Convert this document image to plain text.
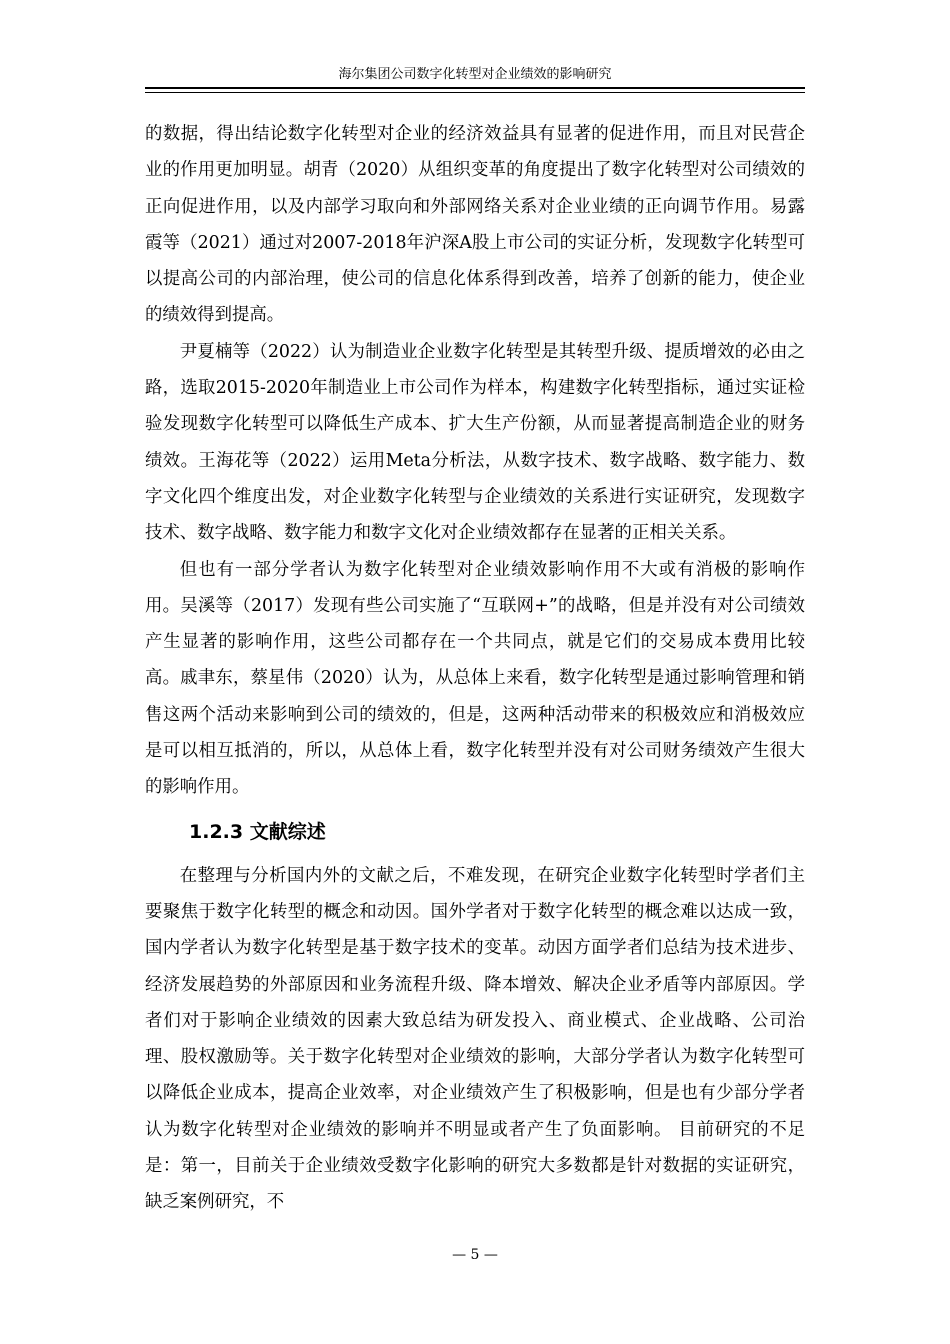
海尔集团公司数字化转型对企业绩效的影响研究

的数据，得出结论数字化转型对企业的经济效益具有显著的促进作用，而且对民营企业的作用更加明显。胡青（2020）从组织变革的角度提出了数字化转型对公司绩效的正向促进作用，以及内部学习取向和外部网络关系对企业业绩的正向调节作用。易露霞等（2021）通过对2007-2018年沪深A股上市公司的实证分析，发现数字化转型可以提高公司的内部治理，使公司的信息化体系得到改善，培养了创新的能力，使企业的绩效得到提高。

尹夏楠等（2022）认为制造业企业数字化转型是其转型升级、提质增效的必由之路，选取2015-2020年制造业上市公司作为样本，构建数字化转型指标，通过实证检验发现数字化转型可以降低生产成本、扩大生产份额，从而显著提高制造企业的财务绩效。王海花等（2022）运用Meta分析法，从数字技术、数字战略、数字能力、数字文化四个维度出发，对企业数字化转型与企业绩效的关系进行实证研究，发现数字技术、数字战略、数字能力和数字文化对企业绩效都存在显著的正相关关系。

但也有一部分学者认为数字化转型对企业绩效影响作用不大或有消极的影响作用。吴溪等（2017）发现有些公司实施了“互联网+”的战略，但是并没有对公司绩效产生显著的影响作用，这些公司都存在一个共同点，就是它们的交易成本费用比较高。戚聿东，蔡星伟（2020）认为，从总体上来看，数字化转型是通过影响管理和销售这两个活动来影响到公司的绩效的，但是，这两种活动带来的积极效应和消极效应是可以相互抵消的，所以，从总体上看，数字化转型并没有对公司财务绩效产生很大的影响作用。

1.2.3 文献综述

在整理与分析国内外的文献之后，不难发现，在研究企业数字化转型时学者们主要聚焦于数字化转型的概念和动因。国外学者对于数字化转型的概念难以达成一致，国内学者认为数字化转型是基于数字技术的变革。动因方面学者们总结为技术进步、经济发展趋势的外部原因和业务流程升级、降本增效、解决企业矛盾等内部原因。学者们对于影响企业绩效的因素大致总结为研发投入、商业模式、企业战略、公司治理、股权激励等。关于数字化转型对企业绩效的影响，大部分学者认为数字化转型可以降低企业成本，提高企业效率，对企业绩效产生了积极影响，但是也有少部分学者认为数字化转型对企业绩效的影响并不明显或者产生了负面影响。 目前研究的不足是：第一，目前关于企业绩效受数字化影响的研究大多数都是针对数据的实证研究，缺乏案例研究，不

— 5 —
